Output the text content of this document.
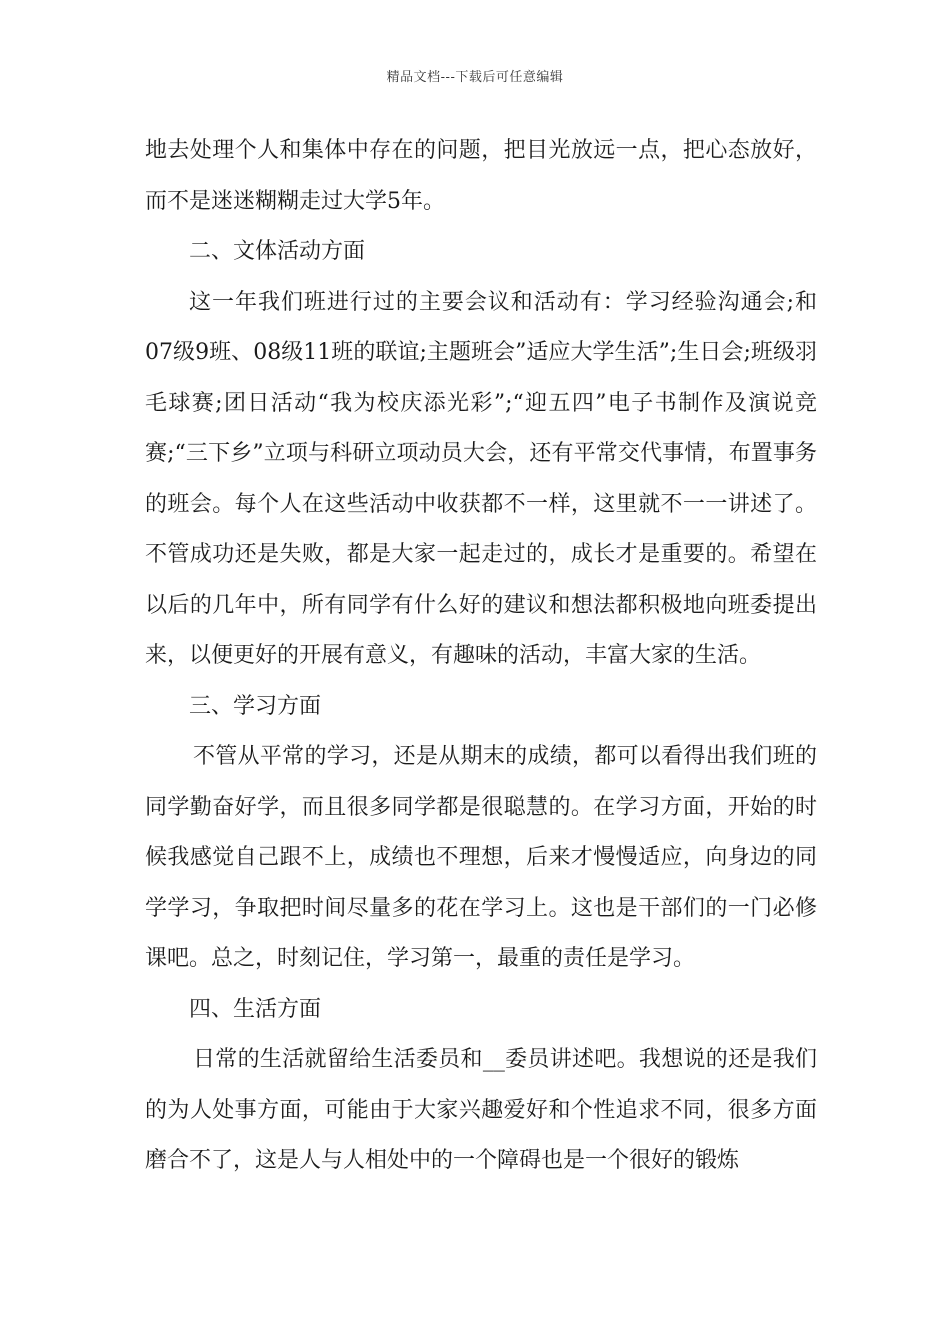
精品文档---下载后可任意编辑

地去处理个人和集体中存在的问题，把目光放远一点，把心态放好，而不是迷迷糊糊走过大学5年。

二、文体活动方面

这一年我们班进行过的主要会议和活动有：学习经验沟通会;和07级9班、08级11班的联谊;主题班会”适应大学生活”;生日会;班级羽毛球赛;团日活动“我为校庆添光彩”;“迎五四”电子书制作及演说竞赛;“三下乡”立项与科研立项动员大会，还有平常交代事情，布置事务的班会。每个人在这些活动中收获都不一样，这里就不一一讲述了。不管成功还是失败，都是大家一起走过的，成长才是重要的。希望在以后的几年中，所有同学有什么好的建议和想法都积极地向班委提出来，以便更好的开展有意义，有趣味的活动，丰富大家的生活。

三、学习方面

不管从平常的学习，还是从期末的成绩，都可以看得出我们班的同学勤奋好学，而且很多同学都是很聪慧的。在学习方面，开始的时候我感觉自己跟不上，成绩也不理想，后来才慢慢适应，向身边的同学学习，争取把时间尽量多的花在学习上。这也是干部们的一门必修课吧。总之，时刻记住，学习第一，最重的责任是学习。

四、生活方面

日常的生活就留给生活委员和__委员讲述吧。我想说的还是我们的为人处事方面，可能由于大家兴趣爱好和个性追求不同，很多方面磨合不了，这是人与人相处中的一个障碍也是一个很好的锻炼
